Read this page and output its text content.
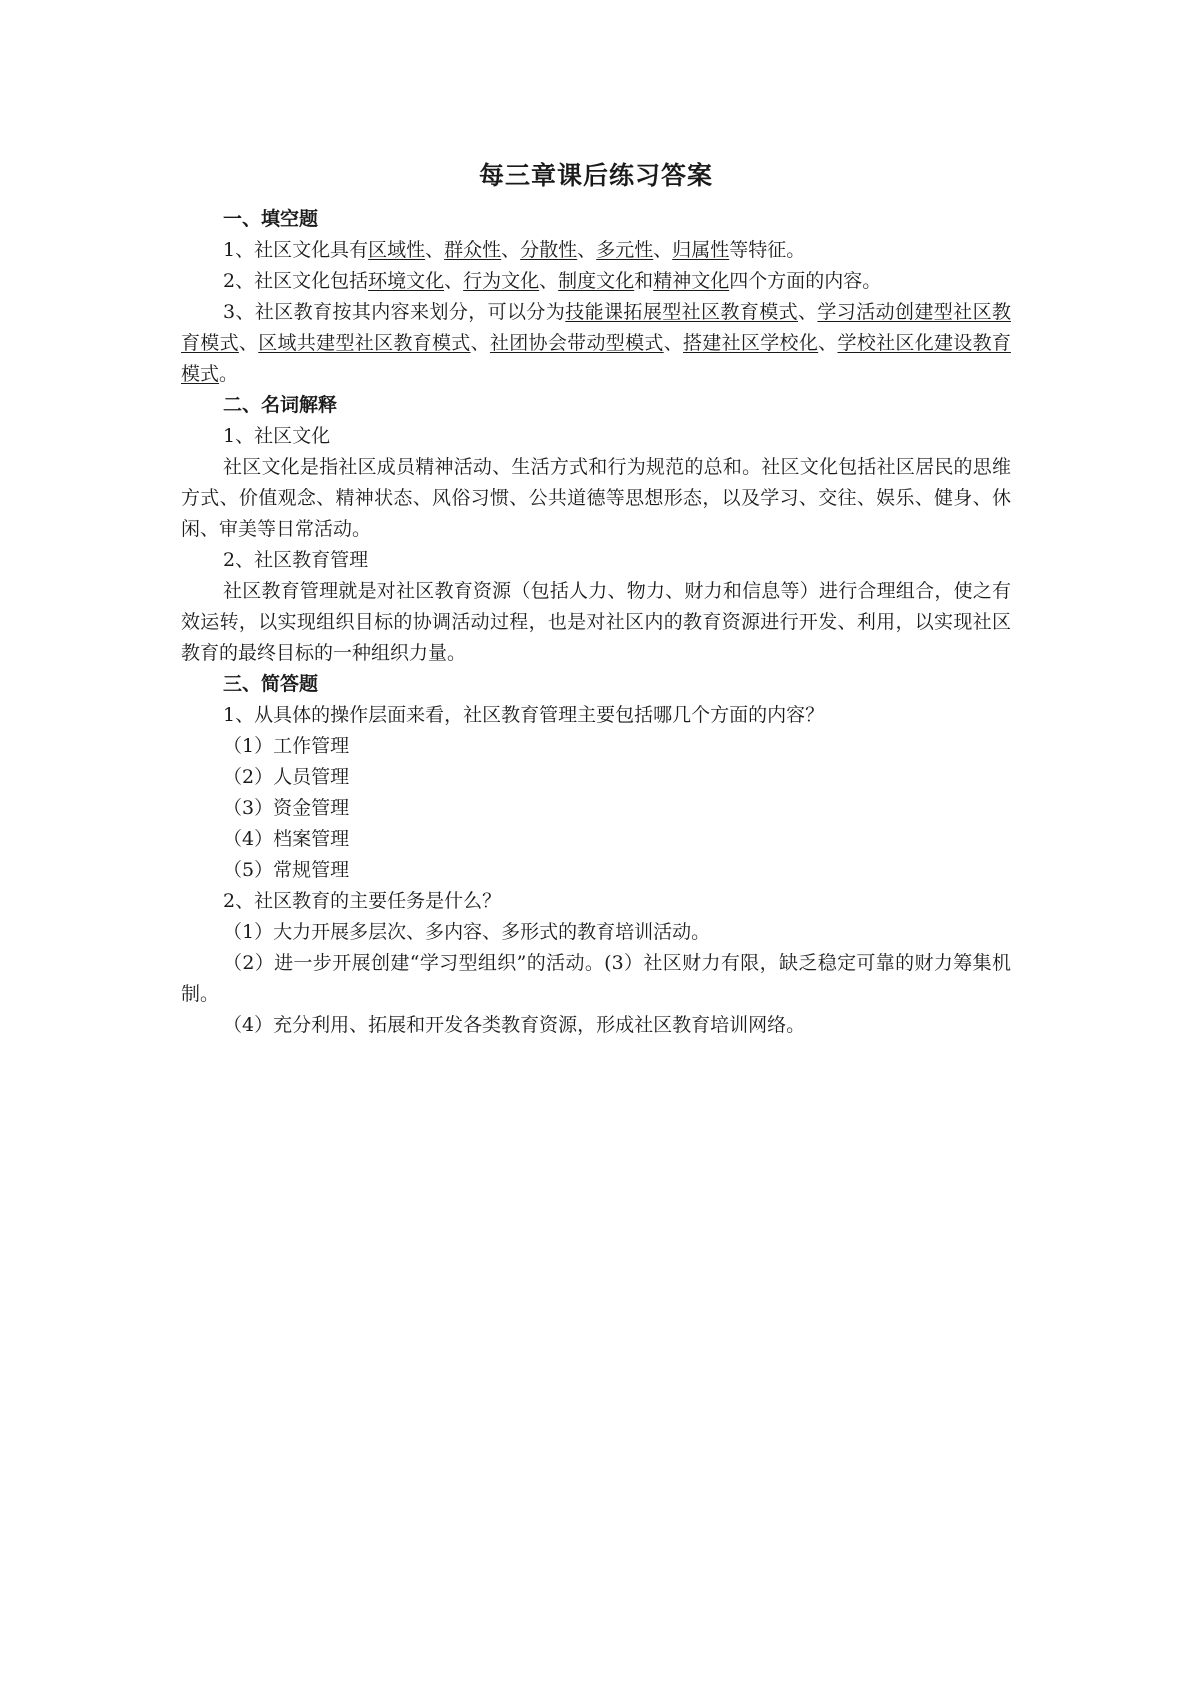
每三章课后练习答案

一、填空题

1、社区文化具有区域性、群众性、分散性、多元性、归属性等特征。

2、社区文化包括环境文化、行为文化、制度文化和精神文化四个方面的内容。

3、社区教育按其内容来划分，可以分为技能课拓展型社区教育模式、学习活动创建型社区教育模式、区域共建型社区教育模式、社团协会带动型模式、搭建社区学校化、学校社区化建设教育模式。

二、名词解释

1、社区文化

社区文化是指社区成员精神活动、生活方式和行为规范的总和。社区文化包括社区居民的思维方式、价值观念、精神状态、风俗习惯、公共道德等思想形态，以及学习、交往、娱乐、健身、休闲、审美等日常活动。

2、社区教育管理

社区教育管理就是对社区教育资源（包括人力、物力、财力和信息等）进行合理组合，使之有效运转，以实现组织目标的协调活动过程，也是对社区内的教育资源进行开发、利用，以实现社区教育的最终目标的一种组织力量。

三、简答题

1、从具体的操作层面来看，社区教育管理主要包括哪几个方面的内容？

（1）工作管理

（2）人员管理

（3）资金管理

（4）档案管理

（5）常规管理

2、社区教育的主要任务是什么？

（1）大力开展多层次、多内容、多形式的教育培训活动。

（2）进一步开展创建“学习型组织”的活动。(3）社区财力有限，缺乏稳定可靠的财力筹集机制。

（4）充分利用、拓展和开发各类教育资源，形成社区教育培训网络。
